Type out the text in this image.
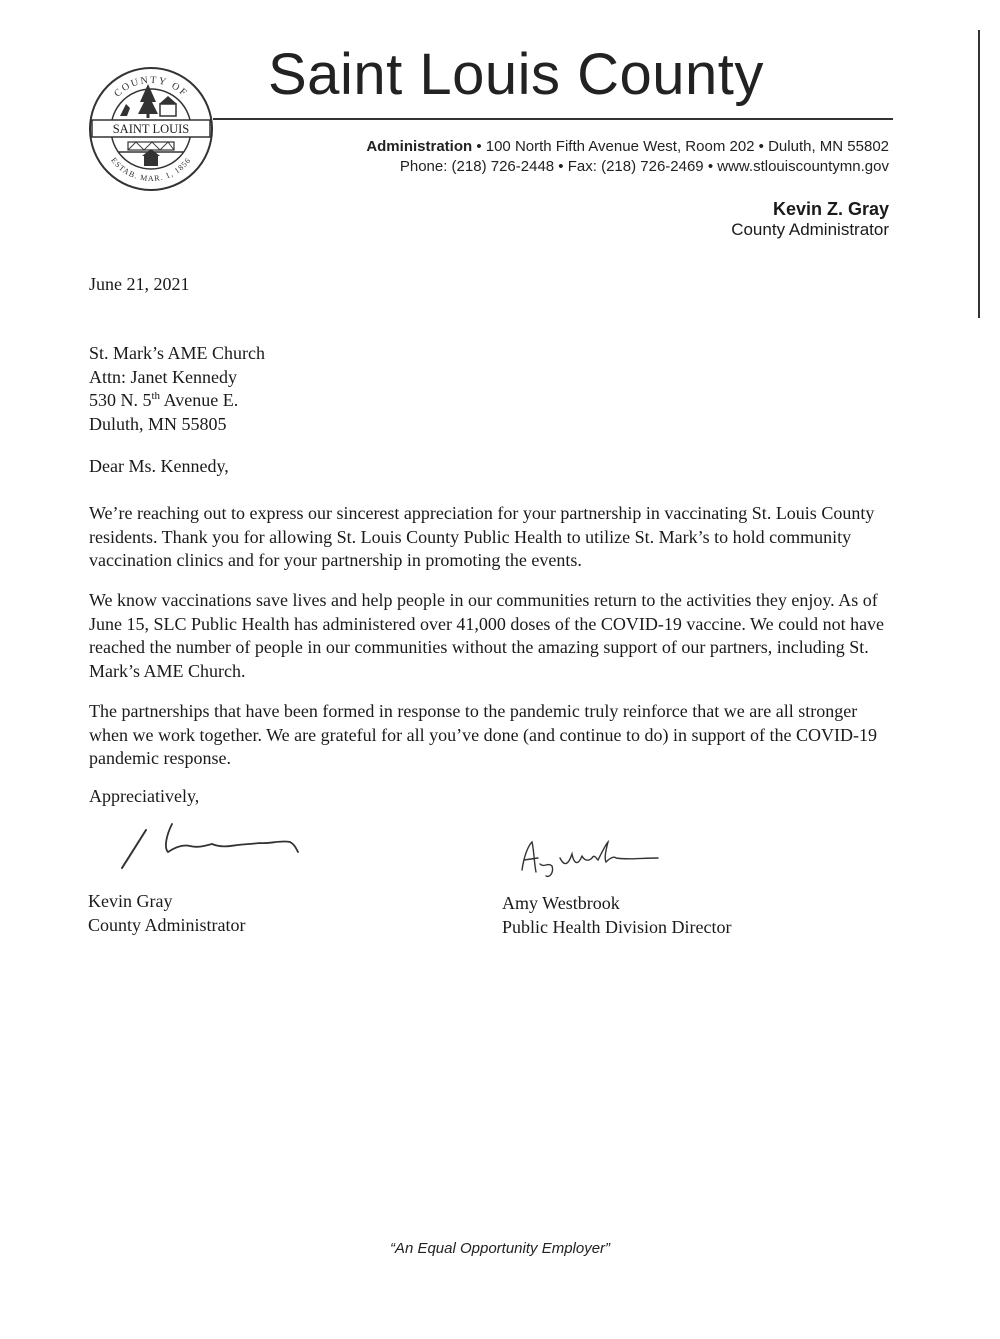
COUNTY OF
ESTAB. MAR. 1, 1856
SAINT LOUIS
Saint Louis County
Administration • 100 North Fifth Avenue West, Room 202 • Duluth, MN 55802
Phone: (218) 726-2448 • Fax: (218) 726-2469 • www.stlouiscountymn.gov
Kevin Z. Gray
County Administrator
June 21, 2021
St. Mark’s AME Church
Attn: Janet Kennedy
530 N. 5th Avenue E.
Duluth, MN 55805
Dear Ms. Kennedy,

We’re reaching out to express our sincerest appreciation for your partnership in vaccinating St. Louis County residents. Thank you for allowing St. Louis County Public Health to utilize St. Mark’s to hold community vaccination clinics and for your partnership in promoting the events.

We know vaccinations save lives and help people in our communities return to the activities they enjoy. As of June 15, SLC Public Health has administered over 41,000 doses of the COVID-19 vaccine. We could not have reached the number of people in our communities without the amazing support of our partners, including St. Mark’s AME Church.

The partnerships that have been formed in response to the pandemic truly reinforce that we are all stronger when we work together. We are grateful for all you’ve done (and continue to do) in support of the COVID-19 pandemic response.

Appreciatively,
Kevin Gray
County Administrator
Amy Westbrook
Public Health Division Director
“An Equal Opportunity Employer”
